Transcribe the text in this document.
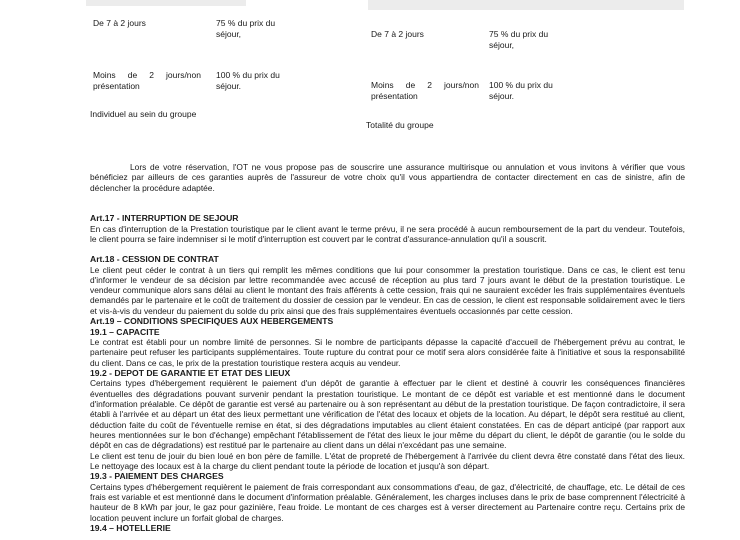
De 7 à 2 jours	75 % du prix du séjour,
Moins de 2 jours/non présentation
100 % du prix du séjour.
Individuel au sein du groupe
De 7 à 2 jours	75 % du prix du séjour,
Moins de 2 jours/non présentation
100 % du prix du séjour.
Totalité du groupe

Lors de votre réservation, l'OT ne vous propose pas de souscrire une assurance multirisque ou annulation et vous invitons à vérifier que vous bénéficiez par ailleurs de ces garanties auprès de l'assureur de votre choix qu'il vous appartiendra de contacter directement en cas de sinistre, afin de déclencher la procédure adaptée.

Art.17 - INTERRUPTION DE SEJOUR

En cas d'interruption de la Prestation touristique par le client avant le terme prévu, il ne sera procédé à aucun remboursement de la part du vendeur. Toutefois, le client pourra se faire indemniser si le motif d'interruption est couvert par le contrat d'assurance-annulation qu'il a souscrit.

Art.18 - CESSION DE CONTRAT

Le client peut céder le contrat à un tiers qui remplit les mêmes conditions que lui pour consommer la prestation touristique. Dans ce cas, le client est tenu d'informer le vendeur de sa décision par lettre recommandée avec accusé de réception au plus tard 7 jours avant le début de la prestation touristique. Le vendeur communique alors sans délai au client le montant des frais afférents à cette cession, frais qui ne sauraient excéder les frais supplémentaires éventuels demandés par le partenaire et le coût de traitement du dossier de cession par le vendeur. En cas de cession, le client est responsable solidairement avec le tiers et vis-à-vis du vendeur du paiement du solde du prix ainsi que des frais supplémentaires éventuels occasionnés par cette cession.

Art.19 – CONDITIONS SPECIFIQUES AUX HEBERGEMENTS
19.1 – CAPACITE

Le contrat est établi pour un nombre limité de personnes. Si le nombre de participants dépasse la capacité d'accueil de l'hébergement prévu au contrat, le partenaire peut refuser les participants supplémentaires. Toute rupture du contrat pour ce motif sera alors considérée faite à l'initiative et sous la responsabilité du client. Dans ce cas, le prix de la prestation touristique restera acquis au vendeur.

19.2 - DEPOT DE GARANTIE ET ETAT DES LIEUX

Certains types d'hébergement requièrent le paiement d'un dépôt de garantie à effectuer par le client et destiné à couvrir les conséquences financières éventuelles des dégradations pouvant survenir pendant la prestation touristique. Le montant de ce dépôt est variable et est mentionné dans le document d'information préalable. Ce dépôt de garantie est versé au partenaire ou à son représentant au début de la prestation touristique. De façon contradictoire, il sera établi à l'arrivée et au départ un état des lieux permettant une vérification de l'état des locaux et objets de la location. Au départ, le dépôt sera restitué au client, déduction faite du coût de l'éventuelle remise en état, si des dégradations imputables au client étaient constatées. En cas de départ anticipé (par rapport aux heures mentionnées sur le bon d'échange) empêchant l'établissement de l'état des lieux le jour même du départ du client, le dépôt de garantie (ou le solde du dépôt en cas de dégradations) est restitué par le partenaire au client dans un délai n'excédant pas une semaine.

Le client est tenu de jouir du bien loué en bon père de famille. L'état de propreté de l'hébergement à l'arrivée du client devra être constaté dans l'état des lieux. Le nettoyage des locaux est à la charge du client pendant toute la période de location et jusqu'à son départ.

19.3 - PAIEMENT DES CHARGES

Certains types d'hébergement requièrent le paiement de frais correspondant aux consommations d'eau, de gaz, d'électricité, de chauffage, etc. Le détail de ces frais est variable et est mentionné dans le document d'information préalable. Généralement, les charges incluses dans le prix de base comprennent l'électricité à hauteur de 8 kWh par jour, le gaz pour gazinière, l'eau froide. Le montant de ces charges est à verser directement au Partenaire contre reçu. Certains prix de location peuvent inclure un forfait global de charges.

19.4 – HOTELLERIE
